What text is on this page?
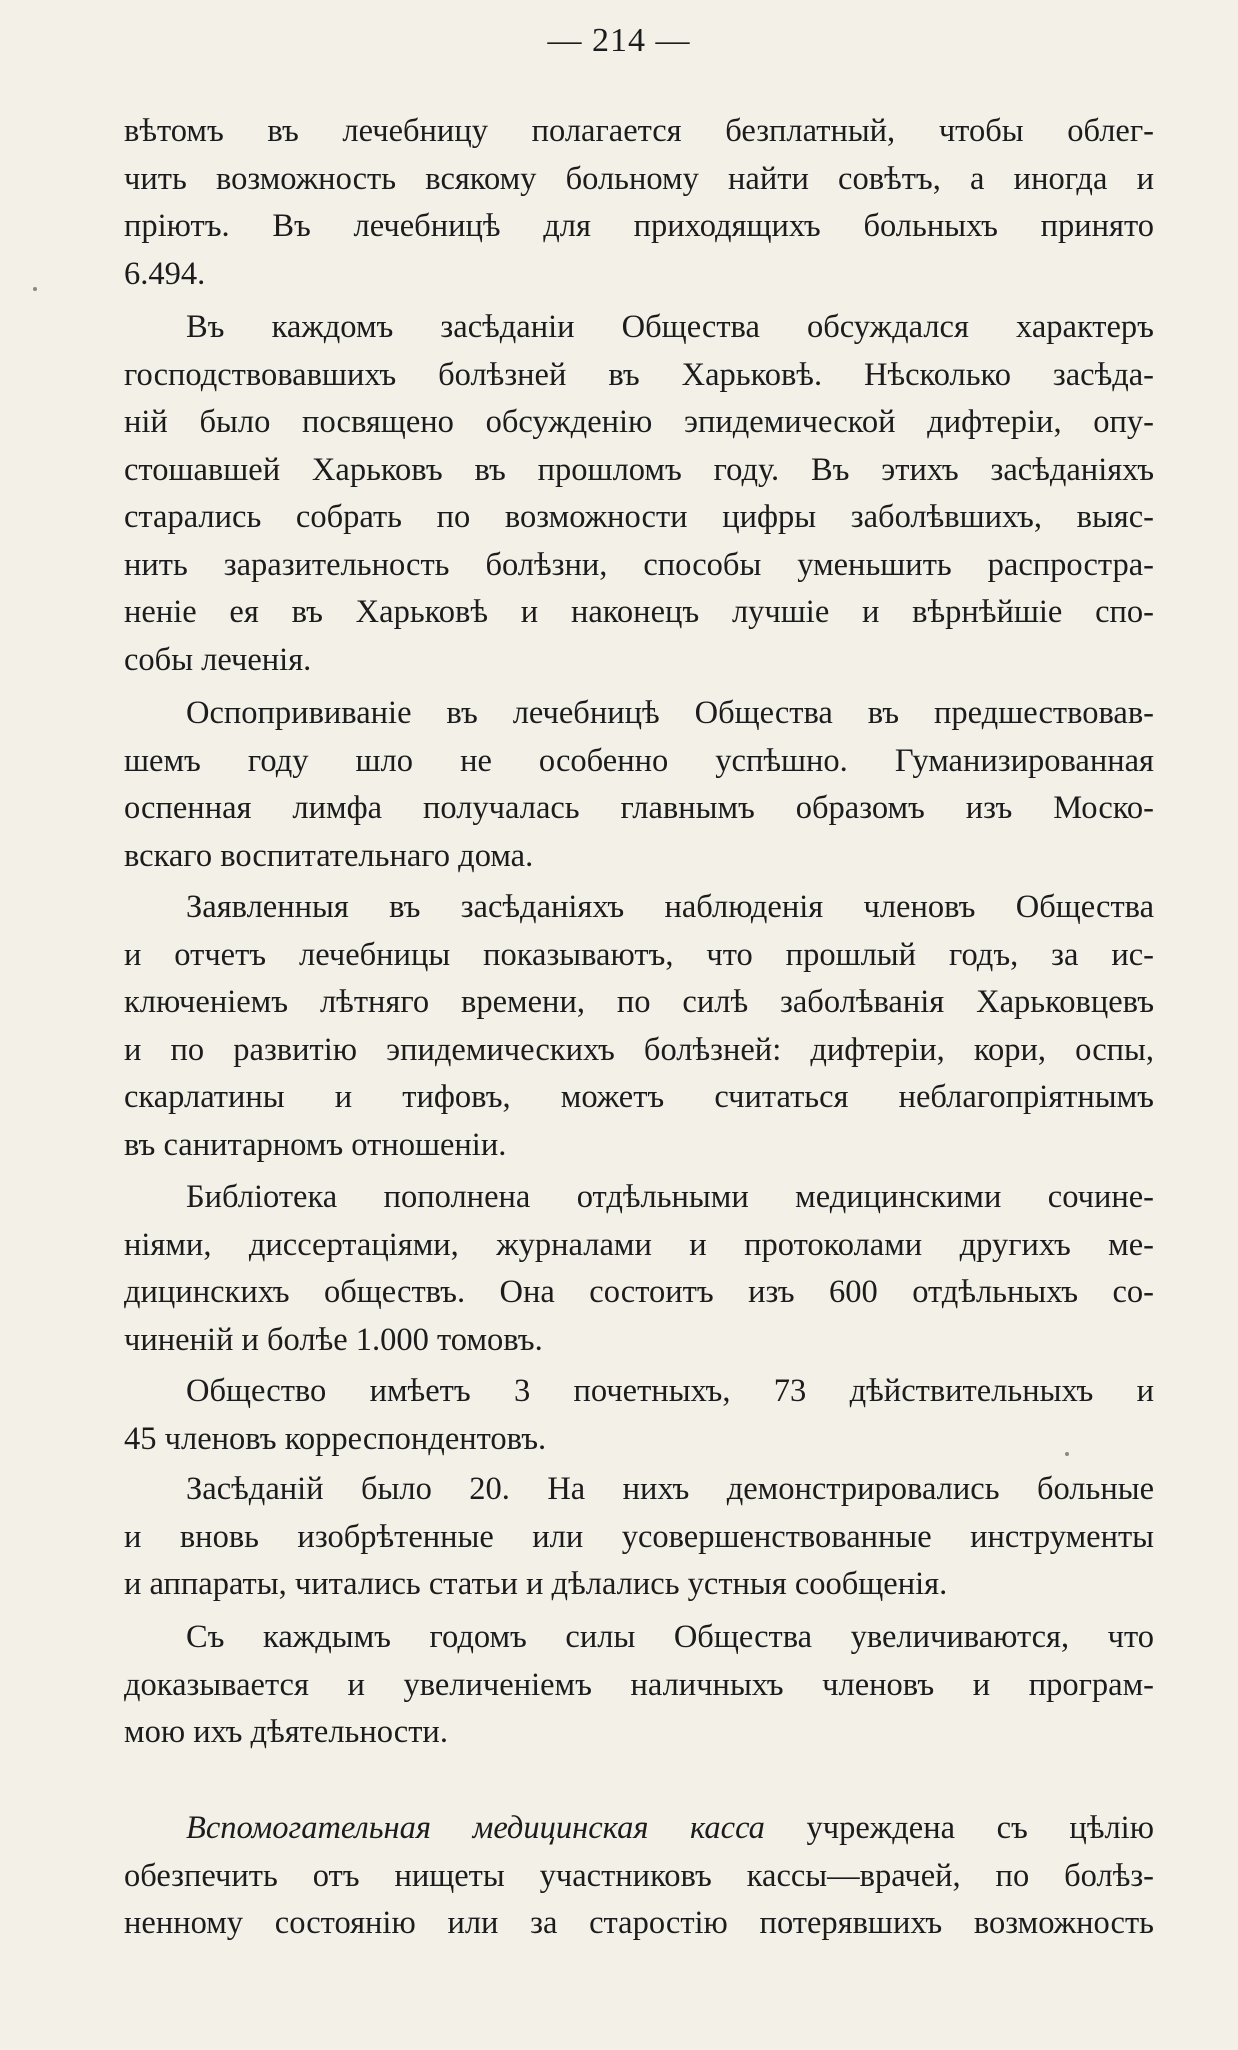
— 214 —
вѣтомъ въ лечебницу полагается безплатный, чтобы облег-
чить возможность всякому больному найти совѣтъ, а иногда и
пріютъ. Въ лечебницѣ для приходящихъ больныхъ принято
6.494.
Въ каждомъ засѣданіи Общества обсуждался характеръ
господствовавшихъ болѣзней въ Харьковѣ. Нѣсколько засѣда-
ній было посвящено обсужденію эпидемической дифтеріи, опу-
стошавшей Харьковъ въ прошломъ году. Въ этихъ засѣданіяхъ
старались собрать по возможности цифры заболѣвшихъ, выяс-
нить заразительность болѣзни, способы уменьшить распростра-
неніе ея въ Харьковѣ и наконецъ лучшіе и вѣрнѣйшіе спо-
собы леченія.
Оспопрививаніе въ лечебницѣ Общества въ предшествовав-
шемъ году шло не особенно успѣшно. Гуманизированная
оспенная лимфа получалась главнымъ образомъ изъ Моско-
вскаго воспитательнаго дома.
Заявленныя въ засѣданіяхъ наблюденія членовъ Общества
и отчетъ лечебницы показываютъ, что прошлый годъ, за ис-
ключеніемъ лѣтняго времени, по силѣ заболѣванія Харьковцевъ
и по развитію эпидемическихъ болѣзней: дифтеріи, кори, оспы,
скарлатины и тифовъ, можетъ считаться неблагопріятнымъ
въ санитарномъ отношеніи.
Библіотека пополнена отдѣльными медицинскими сочине-
ніями, диссертаціями, журналами и протоколами другихъ ме-
дицинскихъ обществъ. Она состоитъ изъ 600 отдѣльныхъ со-
чиненій и болѣе 1.000 томовъ.
Общество имѣетъ 3 почетныхъ, 73 дѣйствительныхъ и
45 членовъ корреспондентовъ.
Засѣданій было 20. На нихъ демонстрировались больные
и вновь изобрѣтенные или усовершенствованные инструменты
и аппараты, читались статьи и дѣлались устныя сообщенія.
Съ каждымъ годомъ силы Общества увеличиваются, что
доказывается и увеличеніемъ наличныхъ членовъ и програм-
мою ихъ дѣятельности.
Вспомогательная медицинская касса учреждена съ цѣлію
обезпечить отъ нищеты участниковъ кассы—врачей, по болѣз-
ненному состоянію или за старостію потерявшихъ возможность
